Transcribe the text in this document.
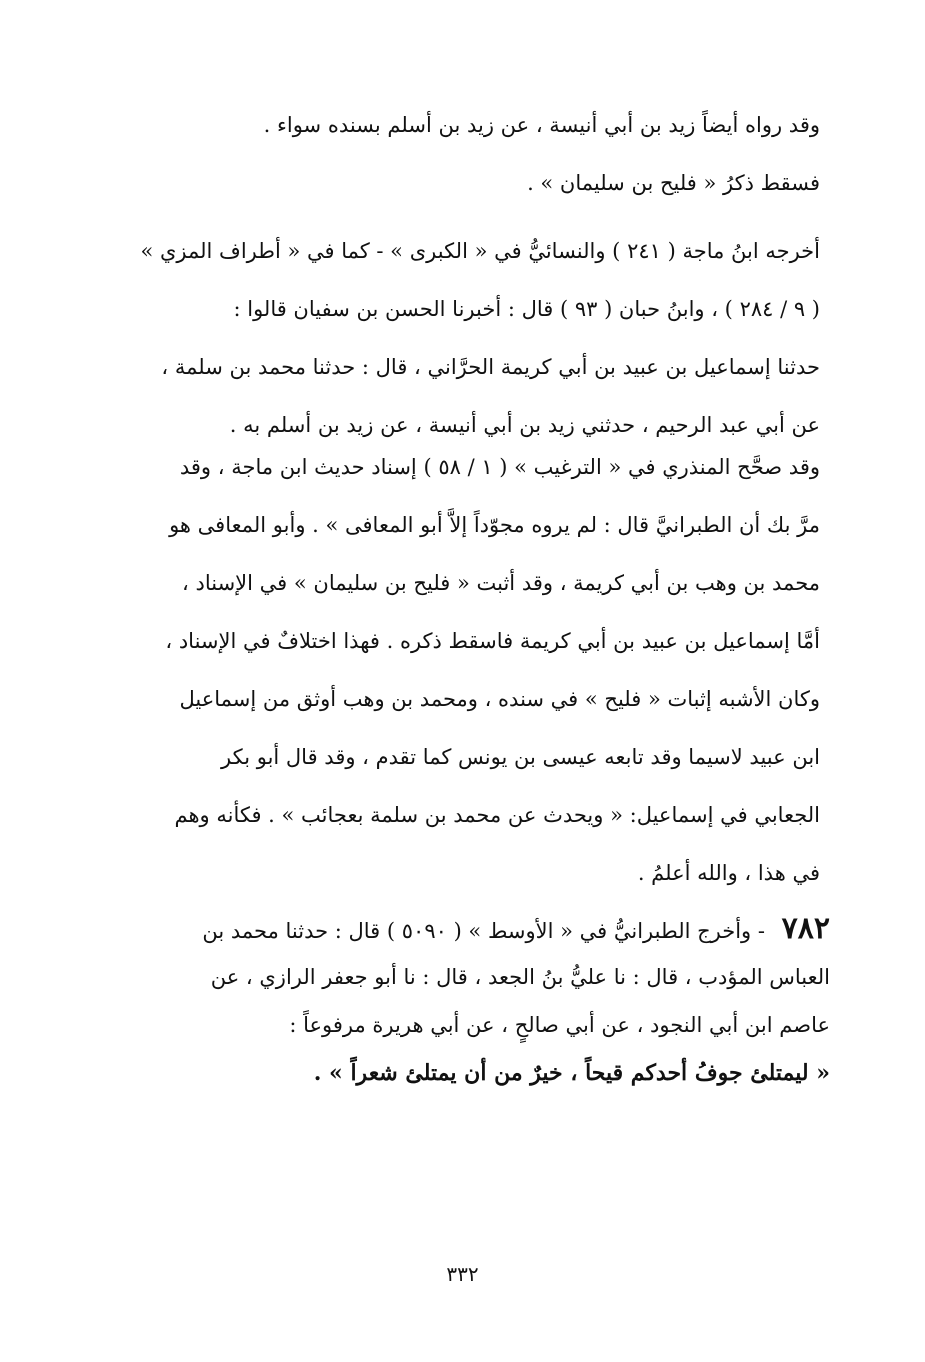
وقد رواه أيضاً زيد بن أبي أنيسة ، عن زيد بن أسلم بسنده سواء .
فسقط ذكرُ « فليح بن سليمان » .
أخرجه ابنُ ماجة ( ٢٤١ ) والنسائيُّ في « الكبرى » - كما في « أطراف المزي »
( ٩ / ٢٨٤ ) ، وابنُ حبان ( ٩٣ ) قال : أخبرنا الحسن بن سفيان قالوا :
حدثنا إسماعيل بن عبيد بن أبي كريمة الحرَّاني ، قال : حدثنا محمد بن سلمة ،
عن أبي عبد الرحيم ، حدثني زيد بن أبي أنيسة ، عن زيد بن أسلم به .
وقد صحَّح المنذري في « الترغيب » ( ١ / ٥٨ ) إسناد حديث ابن ماجة ، وقد
مرَّ بك أن الطبرانيَّ قال : لم يروه مجوّداً إلاَّ أبو المعافى » . وأبو المعافى هو
محمد بن وهب بن أبي كريمة ، وقد أثبت « فليح بن سليمان » في الإسناد ،
أمَّا إسماعيل بن عبيد بن أبي كريمة فاسقط ذكره . فهذا اختلافٌ في الإسناد ،
وكان الأشبه إثبات « فليح » في سنده ، ومحمد بن وهب أوثق من إسماعيل
ابن عبيد لاسيما وقد تابعه عيسى بن يونس كما تقدم ، وقد قال أبو بكر
الجعابي في إسماعيل: « ويحدث عن محمد بن سلمة بعجائب » . فكأنه وهم
في هذا ، والله أعلمُ .
٧٨٢ - وأخرج الطبرانيُّ في « الأوسط » ( ٥٠٩٠ ) قال : حدثنا محمد بن
العباس المؤدب ، قال : نا عليُّ بنُ الجعد ، قال : نا أبو جعفر الرازي ، عن
عاصم ابن أبي النجود ، عن أبي صالحٍ ، عن أبي هريرة مرفوعاً :
« ليمتلئ جوفُ أحدكم قيحاً ، خيرٌ من أن يمتلئ شعراً » .
٣٣٢
